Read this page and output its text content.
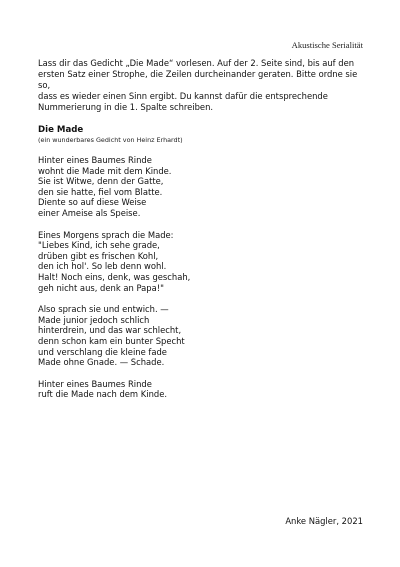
Akustische Serialität
Lass dir das Gedicht „Die Made“ vorlesen. Auf der 2. Seite sind, bis auf den
ersten Satz einer Strophe, die Zeilen durcheinander geraten. Bitte ordne sie so,
dass es wieder einen Sinn ergibt. Du kannst dafür die entsprechende
Nummerierung in die 1. Spalte schreiben.
Die Made
(ein wunderbares Gedicht von Heinz Erhardt)
Hinter eines Baumes Rinde
wohnt die Made mit dem Kinde.
Sie ist Witwe, denn der Gatte,
den sie hatte, fiel vom Blatte.
Diente so auf diese Weise
einer Ameise als Speise.
Eines Morgens sprach die Made:
"Liebes Kind, ich sehe grade,
drüben gibt es frischen Kohl,
den ich hol'. So leb denn wohl.
Halt! Noch eins, denk, was geschah,
geh nicht aus, denk an Papa!"
Also sprach sie und entwich. —
Made junior jedoch schlich
hinterdrein, und das war schlecht,
denn schon kam ein bunter Specht
und verschlang die kleine fade
Made ohne Gnade. — Schade.
Hinter eines Baumes Rinde
ruft die Made nach dem Kinde.
Anke Nägler, 2021
